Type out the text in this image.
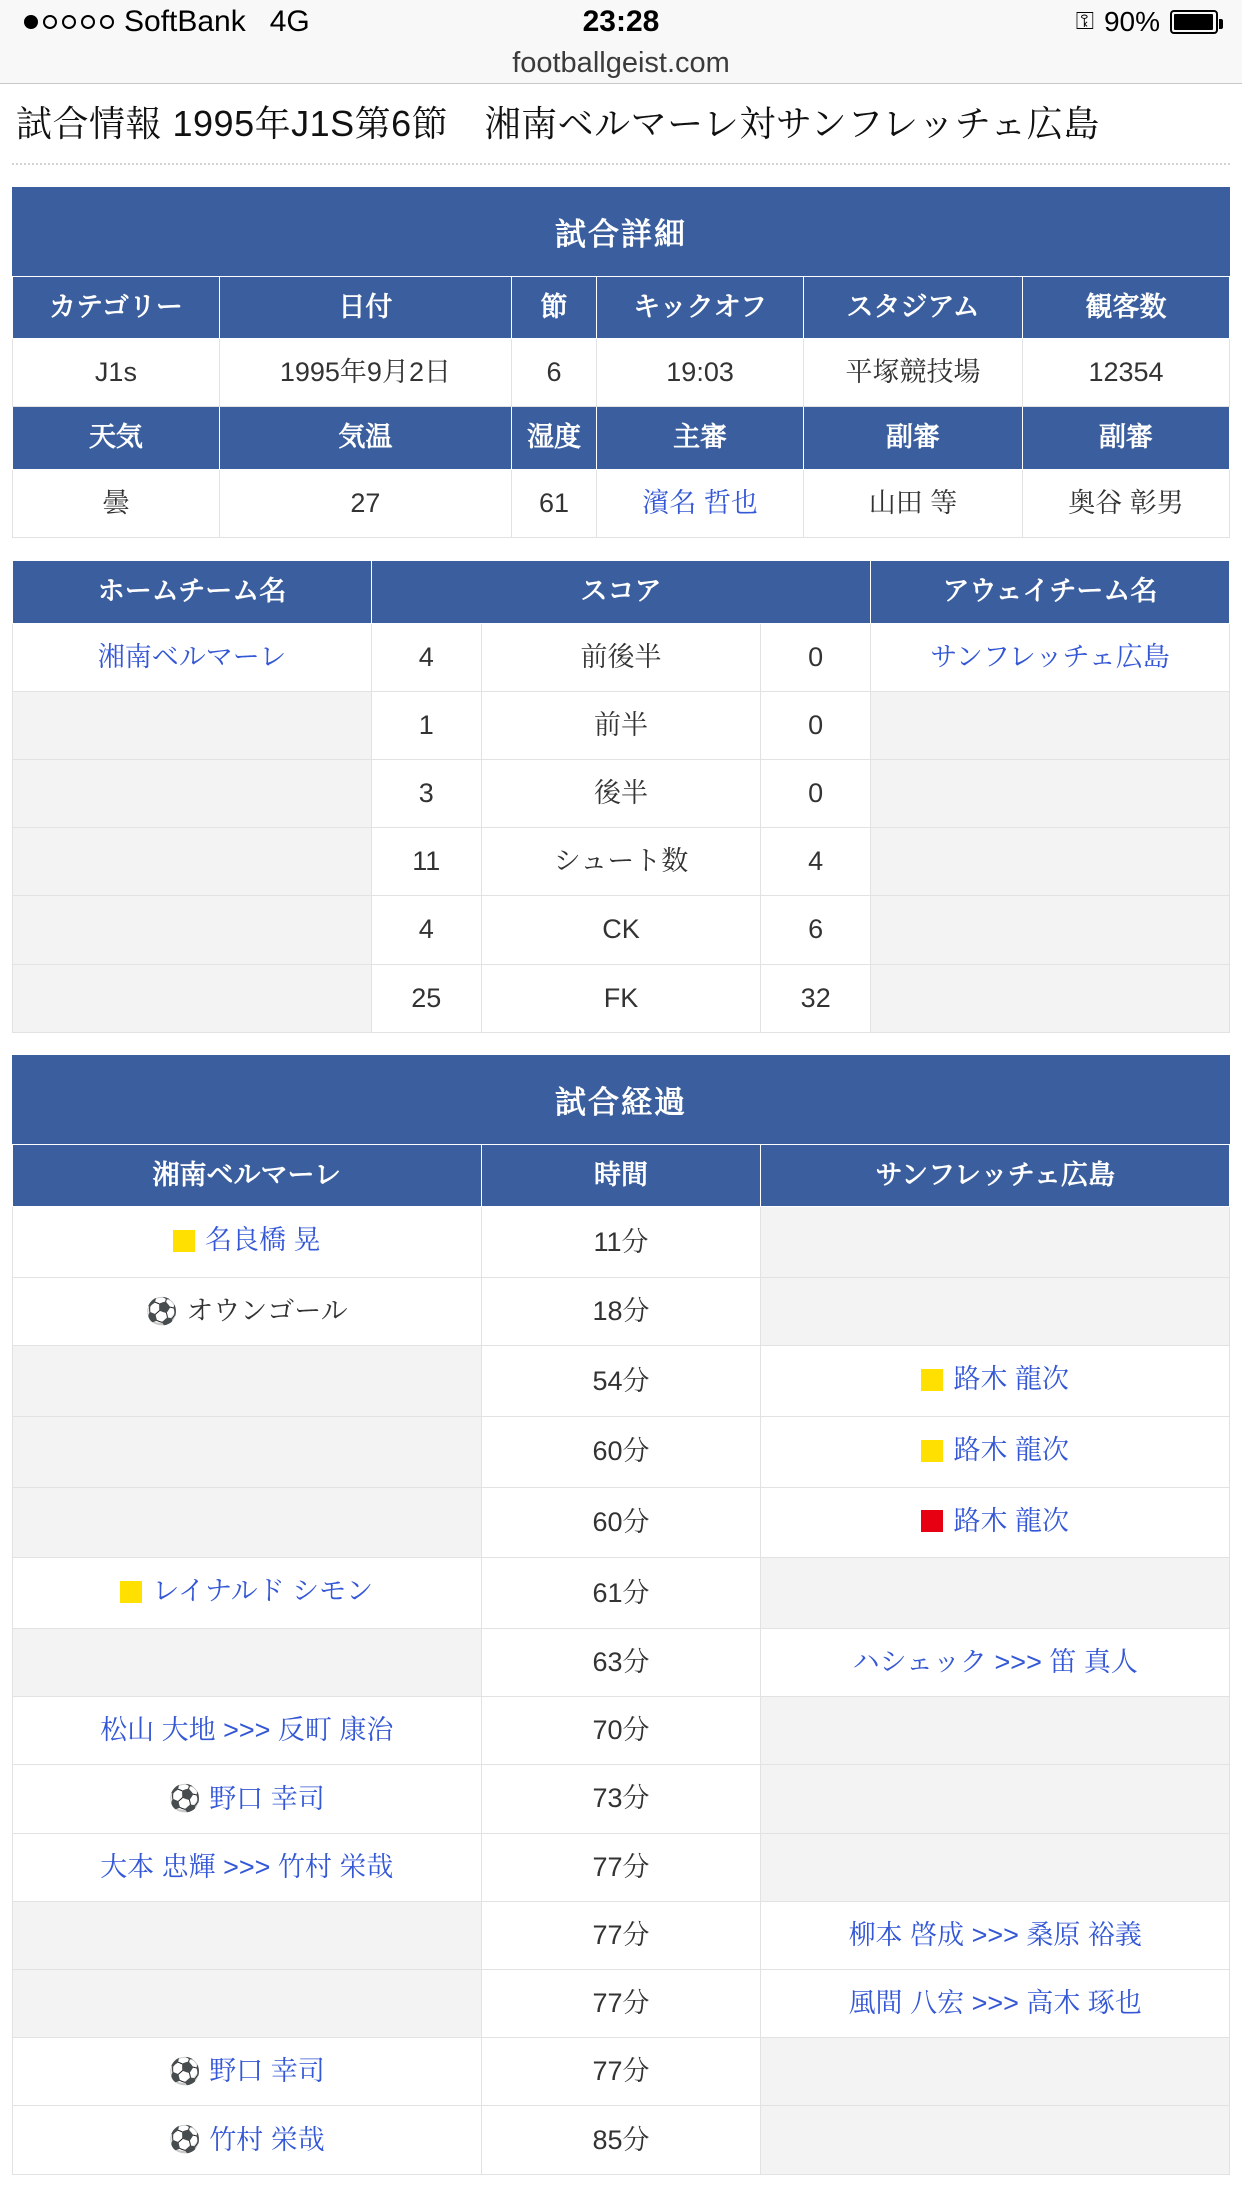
SoftBank 4G	23:28	⚿ 90%
footballgeist.com
試合情報 1995年J1S第6節　湘南ベルマーレ対サンフレッチェ広島
試合詳細
カテゴリー	日付	節	キックオフ	スタジアム	観客数
J1s	1995年9月2日	6	19:03	平塚競技場	12354
天気	気温	湿度	主審	副審	副審
曇	27	61	濱名 哲也	山田 等	奥谷 彰男
ホームチーム名	スコア			アウェイチーム名
湘南ベルマーレ	4	前後半	0	サンフレッチェ広島
	1	前半	0	
	3	後半	0	
	11	シュート数	4	
	4	CK	6	
	25	FK	32	
試合経過
湘南ベルマーレ	時間	サンフレッチェ広島

名良橋 晃	11分	

⚽ オウンゴール	18分	
	54分	路木 龍次

	60分	路木 龍次

	60分	路木 龍次

レイナルド シモン	61分	
	63分	ハシェック >>> 笛 真人

松山 大地 >>> 反町 康治	70分	

⚽ 野口 幸司	73分	

大本 忠輝 >>> 竹村 栄哉	77分	
	77分	柳本 啓成 >>> 桑原 裕義

	77分	風間 八宏 >>> 高木 琢也

⚽ 野口 幸司	77分	

⚽ 竹村 栄哉	85分	
